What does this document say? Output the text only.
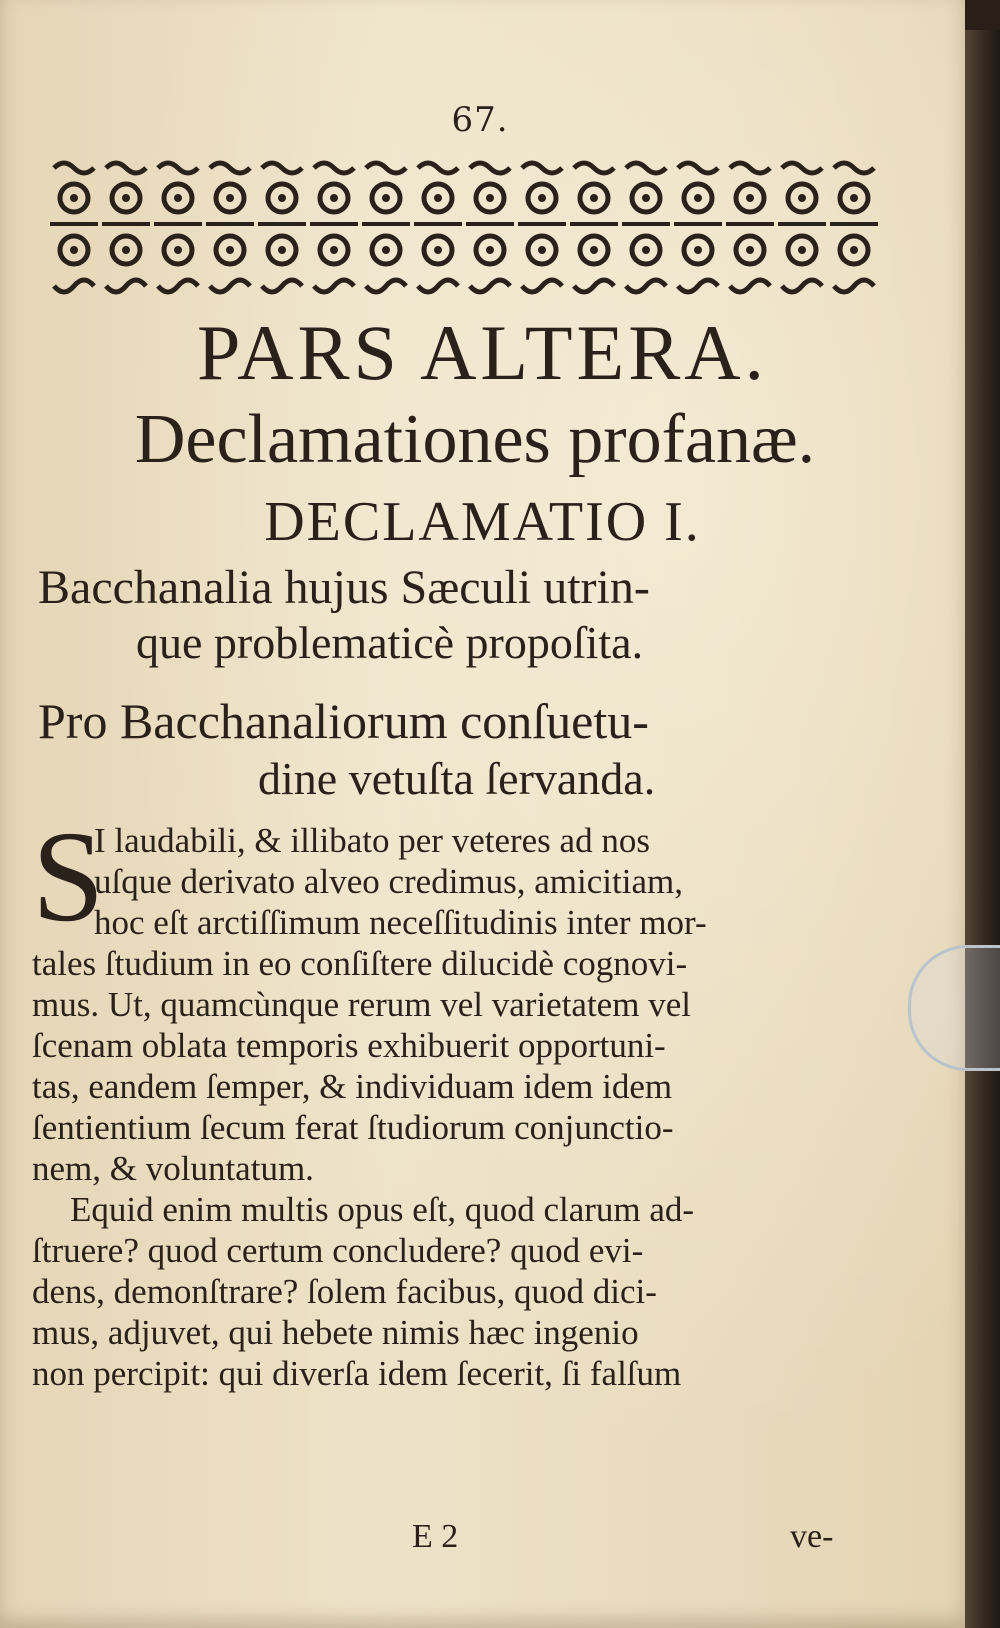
67.
PARS ALTERA.
Declamationes profanæ.
DECLAMATIO I.
Bacchanalia hujus Sæculi utrin-
que problematicè propoſita.
Pro Bacchanaliorum conſuetu-
dine vetuſta ſervanda.
S
I laudabili, & illibato per veteres ad nos
uſque derivato alveo credimus, amicitiam,
hoc eſt arctiſſimum neceſſitudinis inter mor-
tales ſtudium in eo conſiſtere dilucidè cognovi-
mus. Ut, quamcùnque rerum vel varietatem vel
ſcenam oblata temporis exhibuerit opportuni-
tas, eandem ſemper, & individuam idem idem
ſentientium ſecum ferat ſtudiorum conjunctio-
nem, & voluntatum.
Equid enim multis opus eſt, quod clarum ad-
ſtruere? quod certum concludere? quod evi-
dens, demonſtrare? ſolem facibus, quod dici-
mus, adjuvet, qui hebete nimis hæc ingenio
non percipit: qui diverſa idem ſecerit, ſi falſum
E 2	ve-
